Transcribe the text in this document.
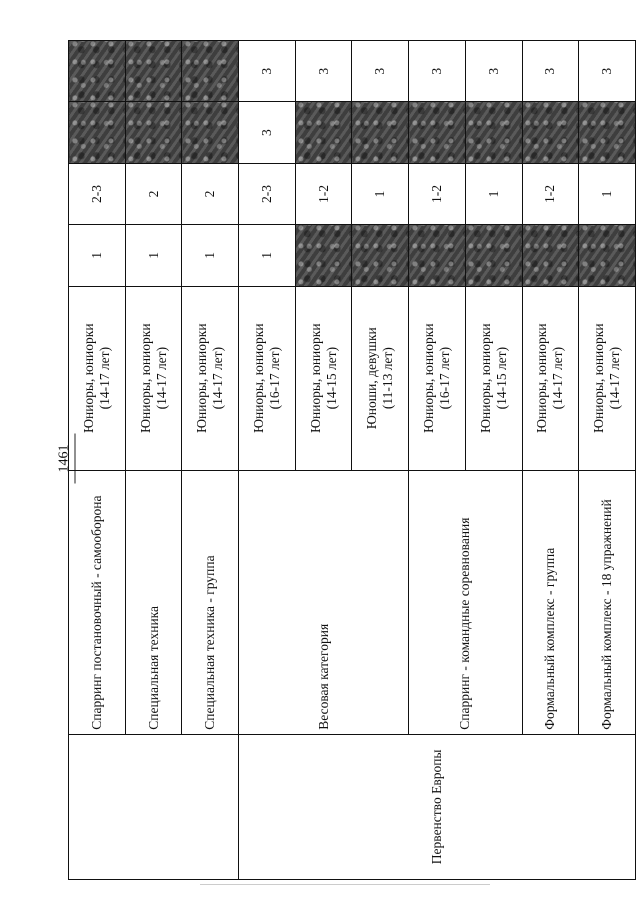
1461
	Спарринг постановочный - самооборона	Юниоры, юниорки (14-17 лет)	1	2-3		
	Специальная техника	Юниоры, юниорки (14-17 лет)	1	2		
	Специальная техника - группа	Юниоры, юниорки (14-17 лет)	1	2		
Первенство Европы	Весовая категория	Юниоры, юниорки (16-17 лет)	1	2-3	3	3

		Юниоры, юниорки (14-15 лет)		1-2		3

		Юноши, девушки (11-13 лет)		1		3
	Спарринг - командные соревнования	Юниоры, юниорки (16-17 лет)		1-2		3

		Юниоры, юниорки (14-15 лет)		1		3
	Формальный комплекс - группа	Юниоры, юниорки (14-17 лет)		1-2		3
	Формальный комплекс - 18 упражнений	Юниоры, юниорки (14-17 лет)		1		3
